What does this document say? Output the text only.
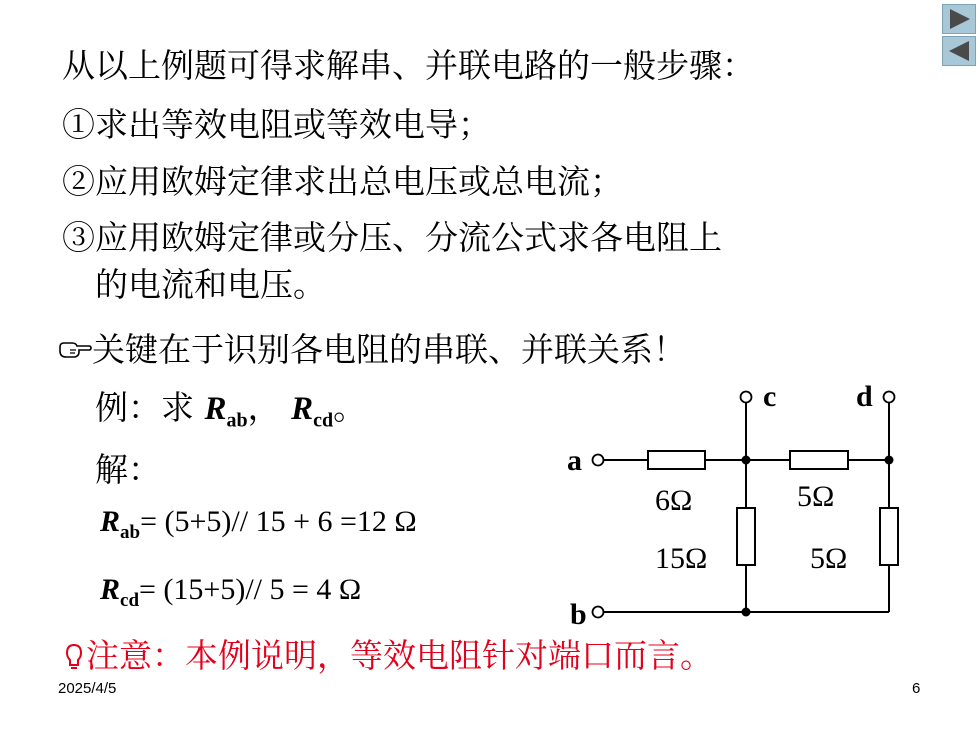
从以上例题可得求解串、并联电路的一般步骤：
①求出等效电阻或等效电导；
②应用欧姆定律求出总电压或总电流；
③应用欧姆定律或分压、分流公式求各电阻上
的电流和电压。
关键在于识别各电阻的串联、并联关系！
例：求 $R_{ab}$， $R_{cd}$。
解：
$R_{ab}= (5+5)//$ 15 + 6 =12 Ω
$R_{cd}= (15+5)//$ 5 = 4 Ω
注意：本例说明，等效电阻针对端口而言。
a
b
c	d
6Ω	5Ω
15Ω	5Ω
2025/4/5	6
